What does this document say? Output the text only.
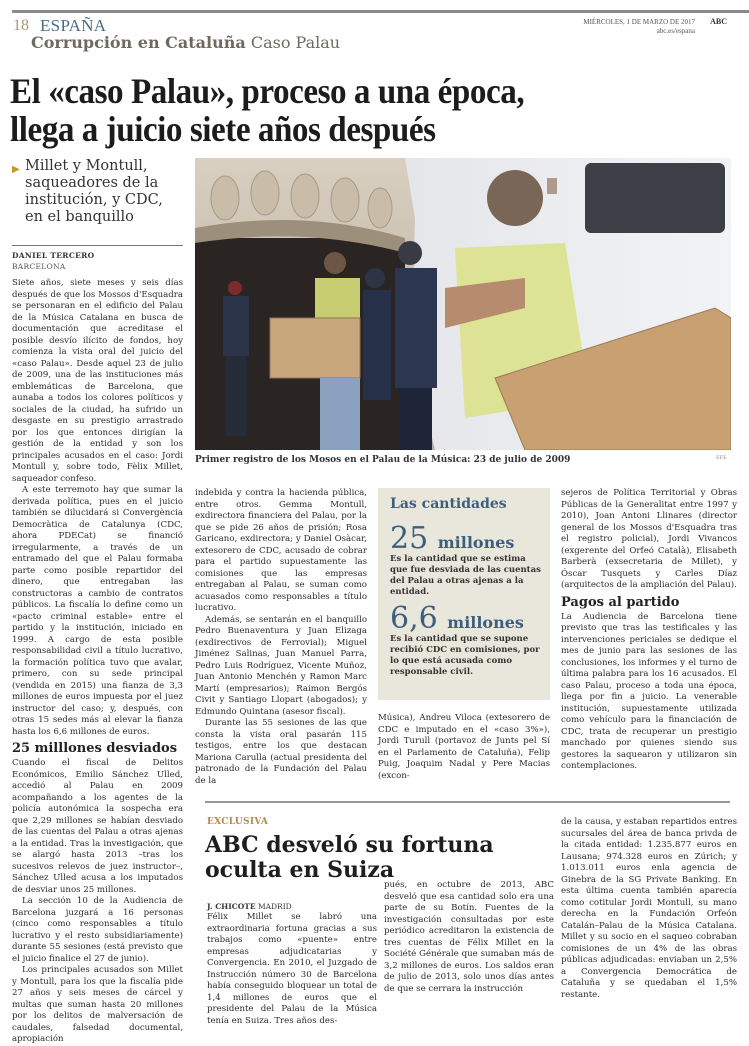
18 ESPAÑA
Corrupción en Cataluña Caso Palau
MIÉRCOLES, 1 DE MARZO DE 2017
abc.es/espana
ABC
El «caso Palau», proceso a una época,
llega a juicio siete años después
▶ Millet y Montull, saqueadores de la institución, y CDC, en el banquillo
DANIEL TERCERO
BARCELONA

Siete años, siete meses y seis días después de que los Mossos d'Esquadra se personaran en el edificio del Palau de la Música Catalana en busca de documentación que acreditase el posible desvío ilícito de fondos, hoy comienza la vista oral del juicio del «caso Palau». Desde aquel 23 de julio de 2009, una de las instituciones más emblemáticas de Barcelona, que aunaba a todos los colores políticos y sociales de la ciudad, ha sufrido un desgaste en su prestigio arrastrado por los que entonces dirigían la gestión de la entidad y son los principales acusados en el caso: Jordi Montull y, sobre todo, Fèlix Millet, saqueador confeso.

A este terremoto hay que sumar la derivada política, pues en el juicio también se dilucidará si Convergència Democràtica de Catalunya (CDC, ahora PDECat) se financió irregularmente, a través de un entramado del que el Palau formaba parte como posible repartidor del dinero, que entregaban las constructoras a cambio de contratos públicos. La fiscalía lo define como un «pacto criminal estable» entre el partido y la institución, iniciado en 1999. A cargo de esta posible responsabilidad civil a título lucrativo, la formación política tuvo que avalar, primero, con su sede principal (vendida en 2015) una fianza de 3,3 millones de euros impuesta por el juez instructor del caso; y, después, con otras 15 sedes más al elevar la fianza hasta los 6,6 millones de euros.

25 milllones desviados

Cuando el fiscal de Delitos Económicos, Emilio Sánchez Ulled, accedió al Palau en 2009 acompañando a los agentes de la policía autonómica la sospecha era que 2,29 millones se habían desviado de las cuentas del Palau a otras ajenas a la entidad. Tras la investigación, que se alargó hasta 2013 –tras los sucesivos relevos de juez instructor–, Sánchez Ulled acusa a los imputados de desviar unos 25 millones.

La sección 10 de la Audiencia de Barcelona juzgará a 16 personas (cinco como responsables a título lucrativo y el resto subsidiariamente) durante 55 sesiones (está previsto que el juicio finalice el 27 de junio).

Los principales acusados son Millet y Montull, para los que la fiscalía pide 27 años y seis meses de cárcel y multas que suman hasta 20 millones por los delitos de malversación de caudales, falsedad documental, apropiación

Primer registro de los Mosos en el Palau de la Música: 23 de julio de 2009	EFE

indebida y contra la hacienda pública, entre otros. Gemma Montull, exdirectora financiera del Palau, por la que se pide 26 años de prisión; Rosa Garicano, exdirectora; y Daniel Osàcar, extesorero de CDC, acusado de cobrar para el partido supuestamente las comisiones que las empresas entregaban al Palau, se suman como acuasados como responsables a título lucrativo.

Además, se sentarán en el banquillo Pedro Buenaventura y Juan Elizaga (exdirectivos de Ferrovial); Miguel Jiménez Salinas, Juan Manuel Parra, Pedro Luis Rodríguez, Vicente Muñoz, Juan Antonio Menchén y Ramon Marc Martí (empresarios); Raimon Bergós Civit y Santiago Llopart (abogados); y Edmundo Quintana (asesor fiscal).

Durante las 55 sesiones de las que consta la vista oral pasarán 115 testigos, entre los que destacan Mariona Carulla (actual presidenta del patronado de la Fundación del Palau de la

Las cantidades
25 millones
Es la cantidad que se estima que fue desviada de las cuentas del Palau a otras ajenas a la entidad.
6,6 millones
Es la cantidad que se supone recibió CDC en comisiones, por lo que está acusada como responsable civil.

Música), Andreu Viloca (extesorero de CDC e imputado en el «caso 3%»), Jordi Turull (portavoz de Junts pel Sí en el Parlamento de Cataluña), Felip Puig, Joaquim Nadal y Pere Macias (excon-

sejeros de Política Territorial y Obras Públicas de la Generalitat entre 1997 y 2010), Joan Antoni Llinares (director general de los Mossos d'Esquadra tras el registro policial), Jordi Vivancos (exgerente del Orfeó Català), Elisabeth Barberà (exsecretaria de Millet), y Óscar Tusquets y Carles Díaz (arquitectos de la ampliación del Palau).

Pagos al partido

La Audiencia de Barcelona tiene previsto que tras las testificales y las intervenciones periciales se dedique el mes de junio para las sesiones de las conclusiones, los informes y el turno de última palabra para los 16 acusados. El caso Palau, proceso a toda una época, llega por fin a juicio. La venerable institución, supuestamente utilizada como vehículo para la financiación de CDC, trata de recuperar un prestigio manchado por quienes siendo sus gestores la saquearon y utilizaron sin contemplaciones.

EXCLUSIVA
ABC desveló su fortuna oculta en Suiza
J. CHICOTE MADRID

Félix Millet se labró una extraordinaria fortuna gracias a sus trabajos como «puente» entre empresas adjudicatarias y Convergencia. En 2010, el Juzgado de Instrucción número 30 de Barcelona había conseguido bloquear un total de 1,4 millones de euros que el presidente del Palau de la Música tenía en Suiza. Tres años des-

pués, en octubre de 2013, ABC desveló que esa cantidad solo era una parte de su Botín. Fuentes de la investigación consultadas por este periódico acreditaron la existencia de tres cuentas de Félix Millet en la Société Générale que sumaban más de 3,2 millones de euros. Los saldos eran de julio de 2013, solo unos días antes de que se cerrara la instrucción

de la causa, y estaban repartidos entres sucursales del área de banca privda de la citada entidad: 1.235.877 euros en Lausana; 974.328 euros en Zúrich; y 1.013.011 euros enla agencia de Ginebra de la SG Private Banking. En esta última cuenta también aparecía como cotitular Jordi Montull, su mano derecha en la Fundación Orfeón Catalán–Palau de la Música Catalana. Millet y su socio en el saqueo cobraban comisiones de un 4% de las obras públicas adjudicadas: enviaban un 2,5% a Convergencia Democrática de Cataluña y se quedaban el 1,5% restante.
